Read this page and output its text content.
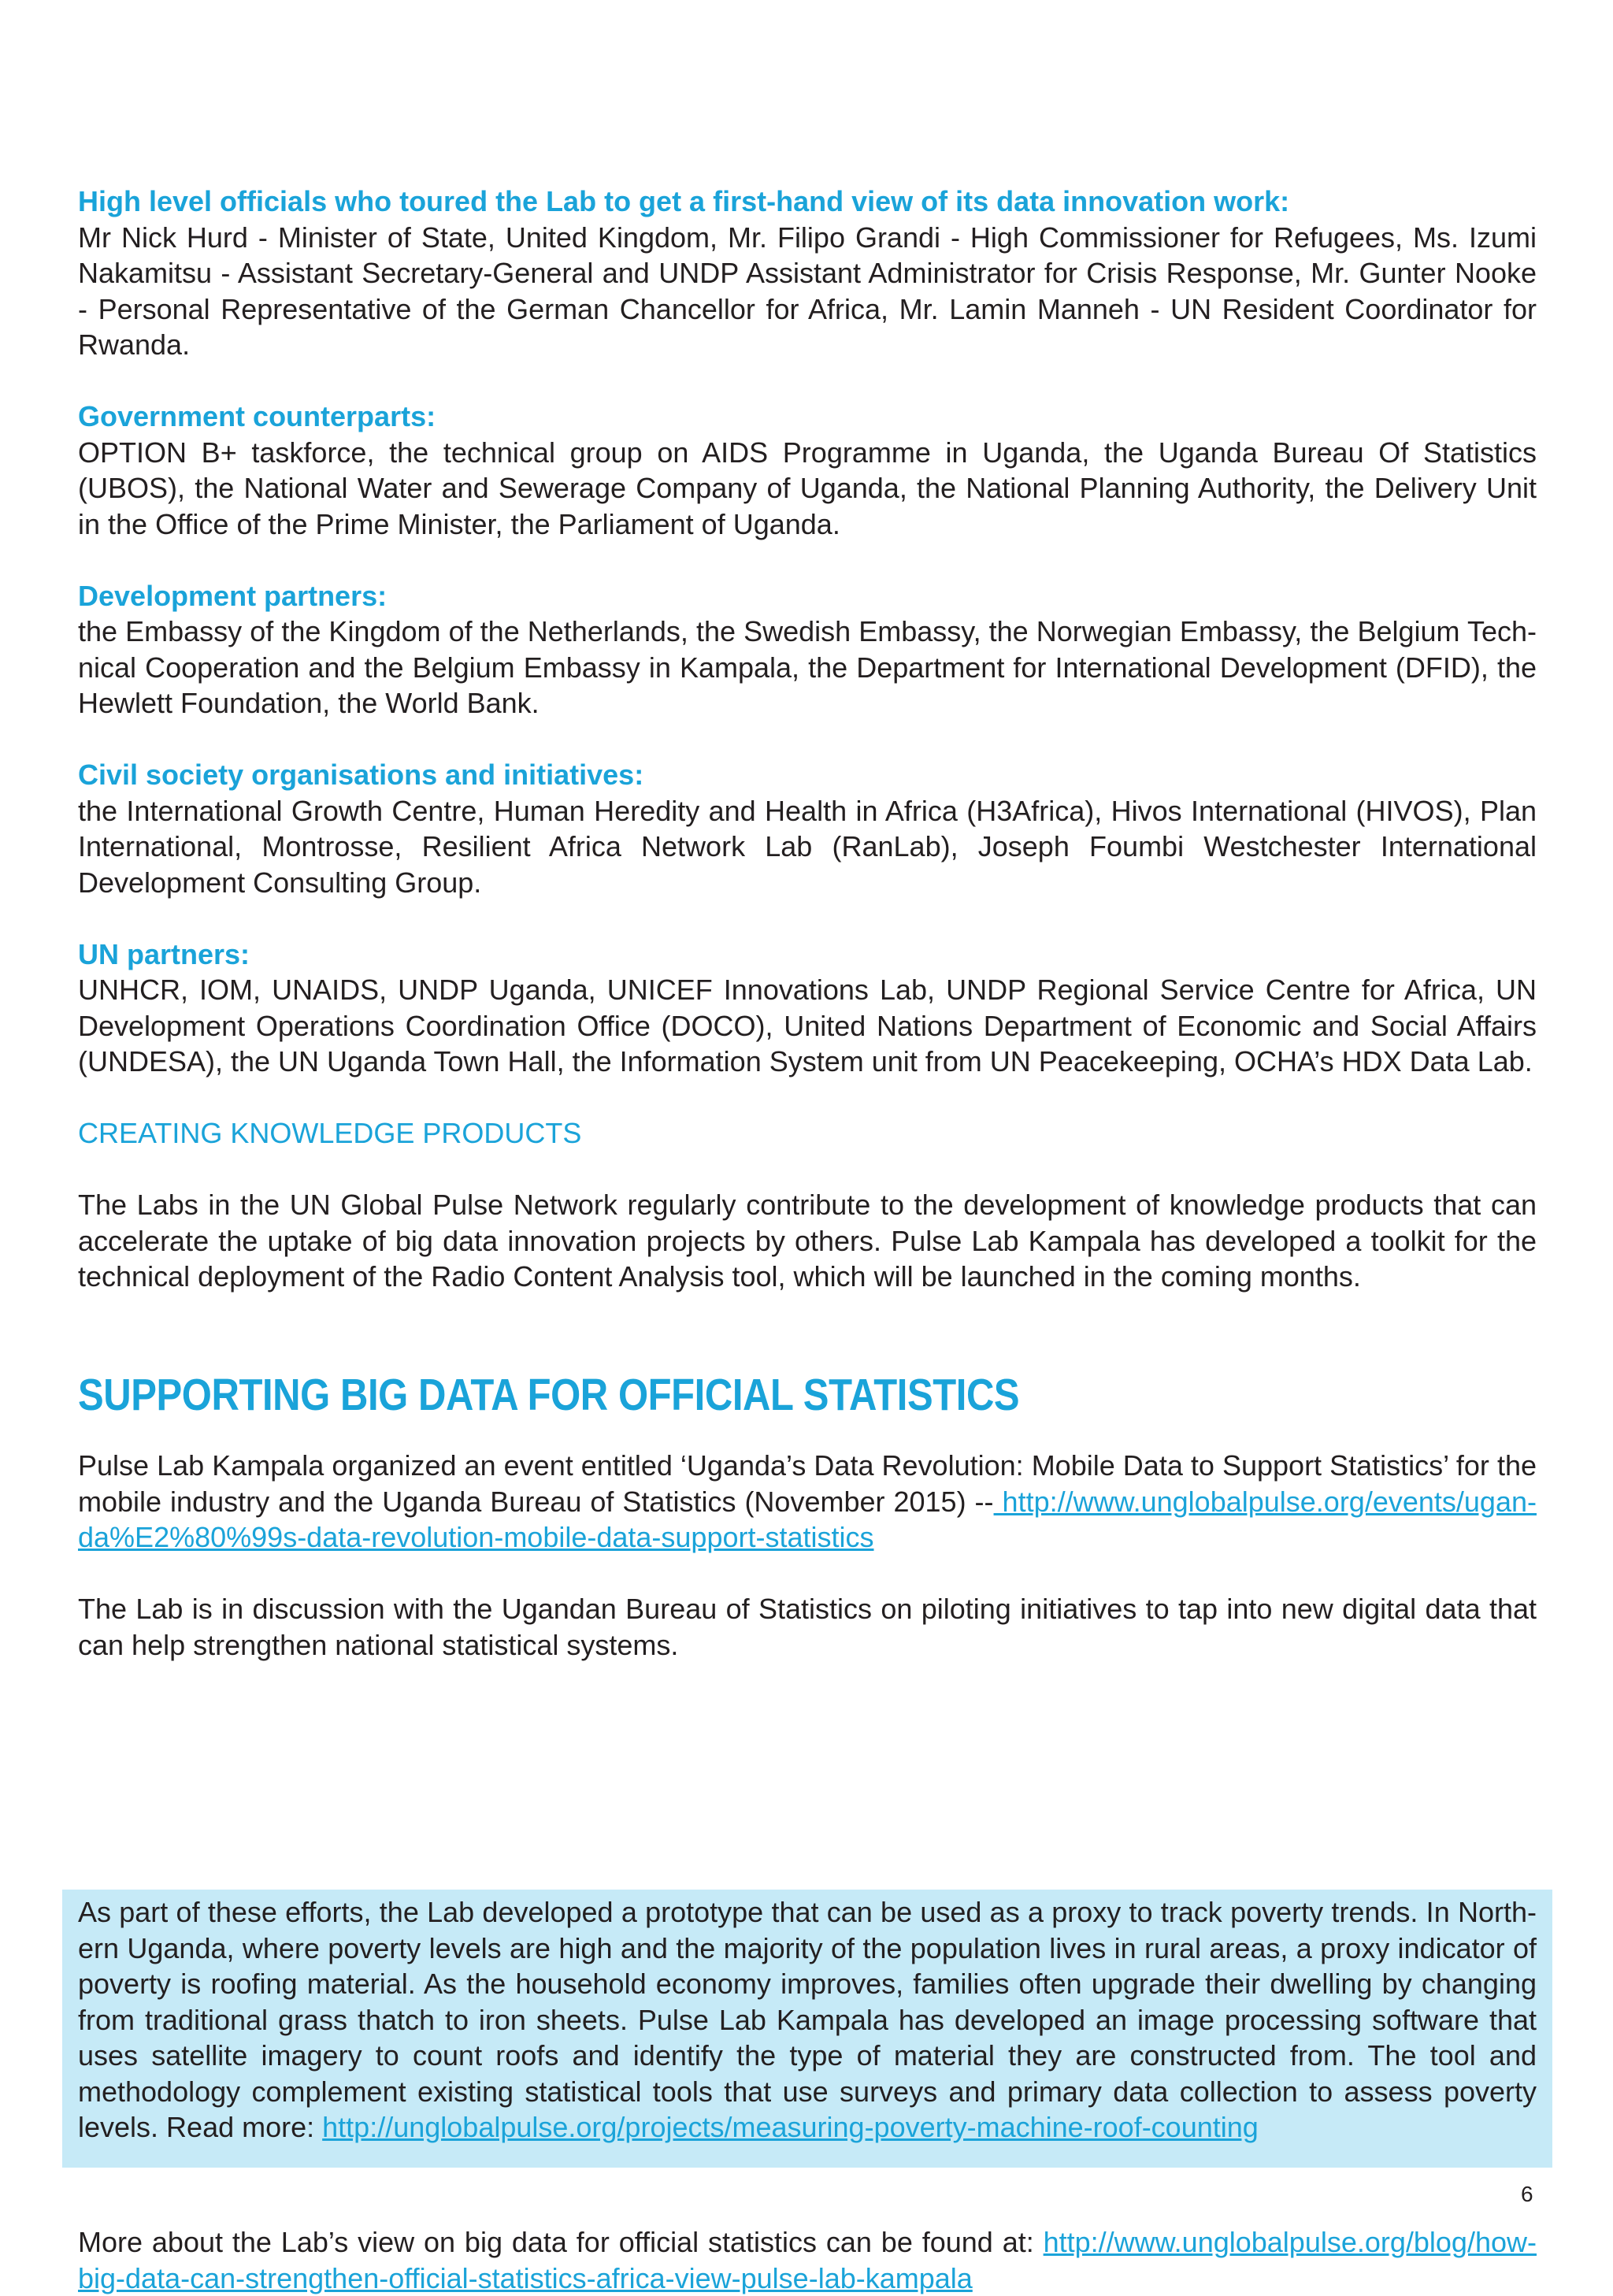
High level officials who toured the Lab to get a first-hand view of its data innovation work:
Mr Nick Hurd - Minister of State, United Kingdom, Mr. Filipo Grandi - High Commissioner for Refugees, Ms. Izumi Nakamitsu - Assistant Secretary-General and UNDP Assistant Administrator for Crisis Response, Mr. Gunter Nooke - Personal Representative of the German Chancellor for Africa, Mr. Lamin Manneh - UN Resident Coordinator for Rwanda.

Government counterparts:
OPTION B+ taskforce, the technical group on AIDS Programme in Uganda, the Uganda Bureau Of Statistics (UBOS), the National Water and Sewerage Company of Uganda, the National Planning Authority, the Delivery Unit in the Office of the Prime Minister, the Parliament of Uganda.

Development partners:
the Embassy of the Kingdom of the Netherlands, the Swedish Embassy, the Norwegian Embassy, the Belgium Technical Cooperation and the Belgium Embassy in Kampala, the Department for International Development (DFID), the Hewlett Foundation, the World Bank.

Civil society organisations and initiatives:
the International Growth Centre, Human Heredity and Health in Africa (H3Africa), Hivos International (HIVOS), Plan International, Montrosse, Resilient Africa Network Lab (RanLab), Joseph Foumbi Westchester International Development Consulting Group.

UN partners:
UNHCR, IOM, UNAIDS, UNDP Uganda, UNICEF Innovations Lab, UNDP Regional Service Centre for Africa, UN Development Operations Coordination Office (DOCO), United Nations Department of Economic and Social Affairs (UNDESA), the UN Uganda Town Hall, the Information System unit from UN Peacekeeping, OCHA’s HDX Data Lab.

CREATING KNOWLEDGE PRODUCTS

The Labs in the UN Global Pulse Network regularly contribute to the development of knowledge products that can accelerate the uptake of big data innovation projects by others. Pulse Lab Kampala has developed a toolkit for the technical deployment of the Radio Content Analysis tool, which will be launched in the coming months.

SUPPORTING BIG DATA FOR OFFICIAL STATISTICS

Pulse Lab Kampala organized an event entitled ‘Uganda’s Data Revolution: Mobile Data to Support Statistics’ for the mobile industry and the Uganda Bureau of Statistics (November 2015) -- http://www.unglobalpulse.org/events/uganda%E2%80%99s-data-revolution-mobile-data-support-statistics

The Lab is in discussion with the Ugandan Bureau of Statistics on piloting initiatives to tap into new digital data that can help strengthen national statistical systems.

As part of these efforts, the Lab developed a prototype that can be used as a proxy to track poverty trends. In Northern Uganda, where poverty levels are high and the majority of the population lives in rural areas, a proxy indicator of poverty is roofing material. As the household economy improves, families often upgrade their dwelling by changing from traditional grass thatch to iron sheets. Pulse Lab Kampala has developed an image processing software that uses satellite imagery to count roofs and identify the type of material they are constructed from. The tool and methodology complement existing statistical tools that use surveys and primary data collection to assess poverty levels. Read more: http://unglobalpulse.org/projects/measuring-poverty-machine-roof-counting

More about the Lab’s view on big data for official statistics can be found at: http://www.unglobalpulse.org/blog/how-big-data-can-strengthen-official-statistics-africa-view-pulse-lab-kampala

6
